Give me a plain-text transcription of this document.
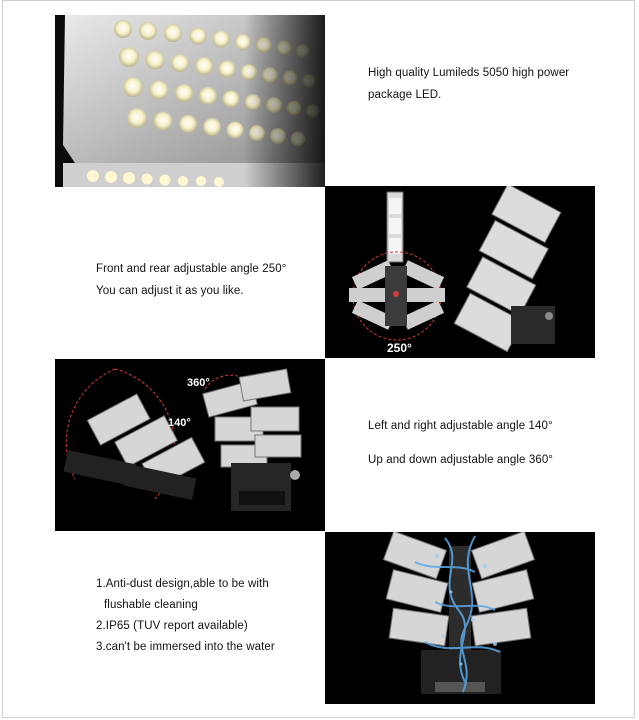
High quality Lumileds 5050 high power

package LED.

Front and rear adjustable angle 250°

You can adjust it as you like.

250°
360°
140°	Left and right adjustable angle 140°

Up and down adjustable angle 360°

1.Anti-dust design,able to be with

flushable cleaning

2.IP65 (TUV report available)

3.can't be immersed into the water
